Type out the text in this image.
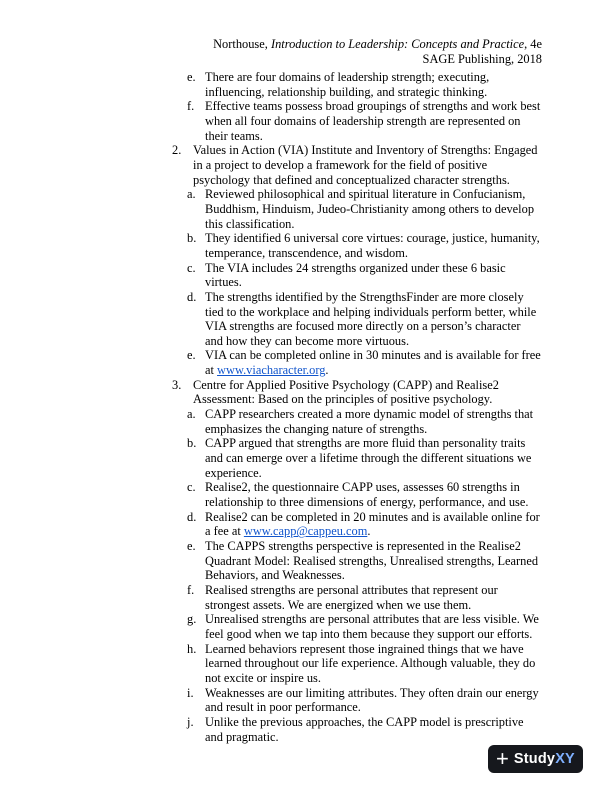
Northouse, Introduction to Leadership: Concepts and Practice, 4e
SAGE Publishing, 2018
e. There are four domains of leadership strength; executing, influencing, relationship building, and strategic thinking.
f. Effective teams possess broad groupings of strengths and work best when all four domains of leadership strength are represented on their teams.
2. Values in Action (VIA) Institute and Inventory of Strengths: Engaged in a project to develop a framework for the field of positive psychology that defined and conceptualized character strengths.
a. Reviewed philosophical and spiritual literature in Confucianism, Buddhism, Hinduism, Judeo-Christianity among others to develop this classification.
b. They identified 6 universal core virtues: courage, justice, humanity, temperance, transcendence, and wisdom.
c. The VIA includes 24 strengths organized under these 6 basic virtues.
d. The strengths identified by the StrengthsFinder are more closely tied to the workplace and helping individuals perform better, while VIA strengths are focused more directly on a person’s character and how they can become more virtuous.
e. VIA can be completed online in 30 minutes and is available for free at www.viacharacter.org.
3. Centre for Applied Positive Psychology (CAPP) and Realise2 Assessment: Based on the principles of positive psychology.
a. CAPP researchers created a more dynamic model of strengths that emphasizes the changing nature of strengths.
b. CAPP argued that strengths are more fluid than personality traits and can emerge over a lifetime through the different situations we experience.
c. Realise2, the questionnaire CAPP uses, assesses 60 strengths in relationship to three dimensions of energy, performance, and use.
d. Realise2 can be completed in 20 minutes and is available online for a fee at www.capp@cappeu.com.
e. The CAPPS strengths perspective is represented in the Realise2 Quadrant Model: Realised strengths, Unrealised strengths, Learned Behaviors, and Weaknesses.
f. Realised strengths are personal attributes that represent our strongest assets. We are energized when we use them.
g. Unrealised strengths are personal attributes that are less visible. We feel good when we tap into them because they support our efforts.
h. Learned behaviors represent those ingrained things that we have learned throughout our life experience. Although valuable, they do not excite or inspire us.
i. Weaknesses are our limiting attributes. They often drain our energy and result in poor performance.
j. Unlike the previous approaches, the CAPP model is prescriptive and pragmatic.
+ StudyXY
